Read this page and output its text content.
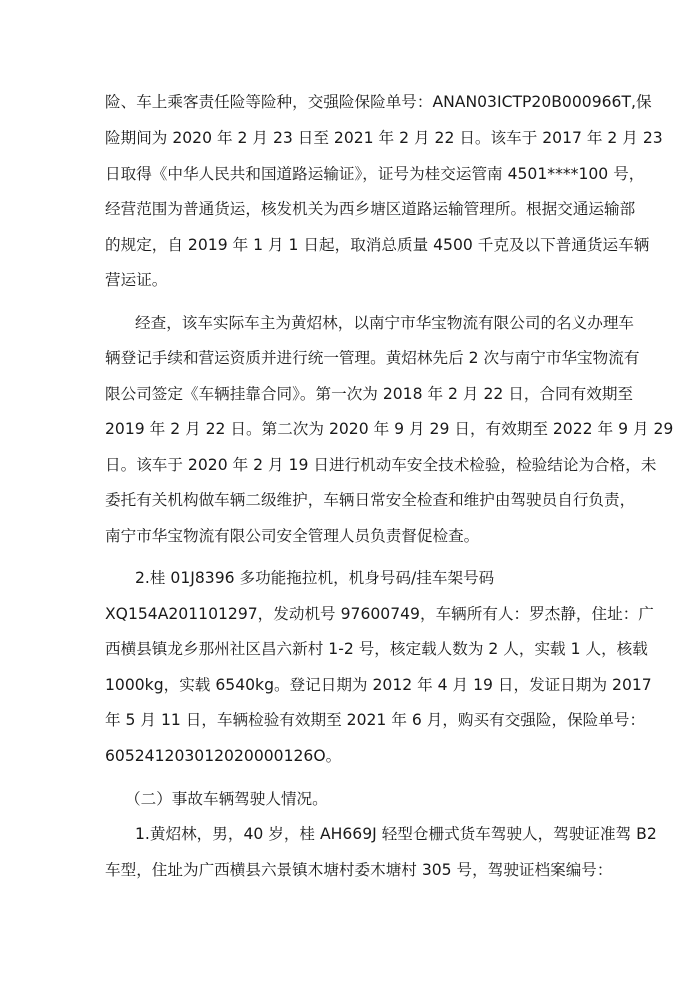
险、车上乘客责任险等险种，交强险保险单号：ANAN03ICTP20B000966T,保
险期间为 2020 年 2 月 23 日至 2021 年 2 月 22 日。该车于 2017 年 2 月 23
日取得《中华人民共和国道路运输证》，证号为桂交运管南 4501****100 号，
经营范围为普通货运，核发机关为西乡塘区道路运输管理所。根据交通运输部
的规定，自 2019 年 1 月 1 日起，取消总质量 4500 千克及以下普通货运车辆
营运证。
经查，该车实际车主为黄炤林，以南宁市华宝物流有限公司的名义办理车
辆登记手续和营运资质并进行统一管理。黄炤林先后 2 次与南宁市华宝物流有
限公司签定《车辆挂靠合同》。第一次为 2018 年 2 月 22 日，合同有效期至
2019 年 2 月 22 日。第二次为 2020 年 9 月 29 日，有效期至 2022 年 9 月 29
日。该车于 2020 年 2 月 19 日进行机动车安全技术检验，检验结论为合格，未
委托有关机构做车辆二级维护，车辆日常安全检查和维护由驾驶员自行负责，
南宁市华宝物流有限公司安全管理人员负责督促检查。
2.桂 01J8396 多功能拖拉机，机身号码/挂车架号码
XQ154A201101297，发动机号 97600749，车辆所有人：罗杰静，住址：广
西横县镇龙乡那州社区昌六新村 1-2 号，核定载人数为 2 人，实载 1 人，核载
1000kg，实载 6540kg。登记日期为 2012 年 4 月 19 日，发证日期为 2017
年 5 月 11 日，车辆检验有效期至 2021 年 6 月，购买有交强险，保险单号：
605241203012020000126O。
（二）事故车辆驾驶人情况。
1.黄炤林，男，40 岁，桂 AH669J 轻型仓栅式货车驾驶人，驾驶证准驾 B2
车型，住址为广西横县六景镇木塘村委木塘村 305 号，驾驶证档案编号：
